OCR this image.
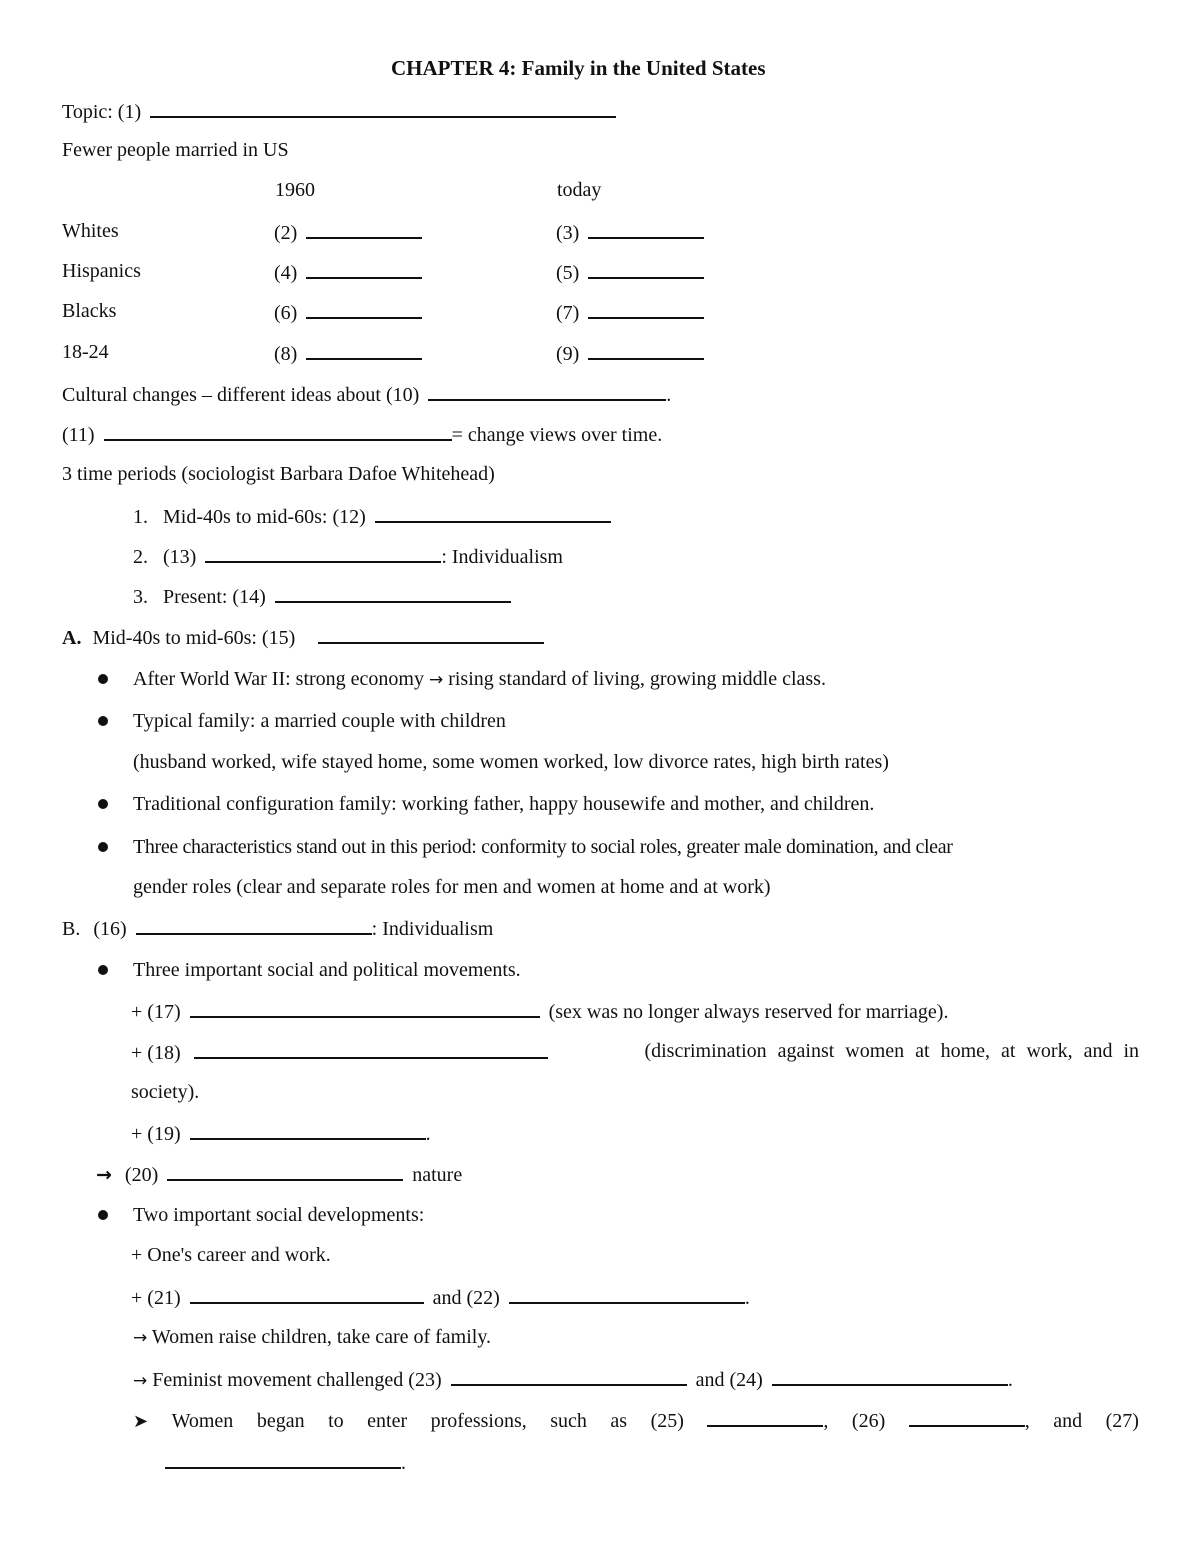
CHAPTER 4: Family in the United States
Topic: (1)
Fewer people married in US
1960	today
Whites	(2)	(3)
Hispanics	(4)	(5)
Blacks	(6)	(7)
18-24	(8)	(9)
Cultural changes – different ideas about (10)	.
(11)	= change views over time.
3 time periods (sociologist Barbara Dafoe Whitehead)
1. Mid-40s to mid-60s: (12)
2. (13)	: Individualism
3. Present: (14)
A. Mid-40s to mid-60s: (15)
After World War II: strong economy → rising standard of living, growing middle class.
Typical family: a married couple with children
(husband worked, wife stayed home, some women worked, low divorce rates, high birth rates)
Traditional configuration family: working father, happy housewife and mother, and children.
Three characteristics stand out in this period: conformity to social roles, greater male domination, and clear
gender roles (clear and separate roles for men and women at home and at work)
B. (16)	: Individualism
Three important social and political movements.
+ (17)	(sex was no longer always reserved for marriage).
+ (18)	(discrimination against women at home, at work, and in
society).
+ (19)	.
→ (20)	nature
Two important social developments:
+ One's career and work.
+ (21)	and (22)	.
→ Women raise children, take care of family.
→ Feminist movement challenged (23)	and (24)	.
➤ Women began to enter professions, such as (25)	, (26)	, and (27)
.
